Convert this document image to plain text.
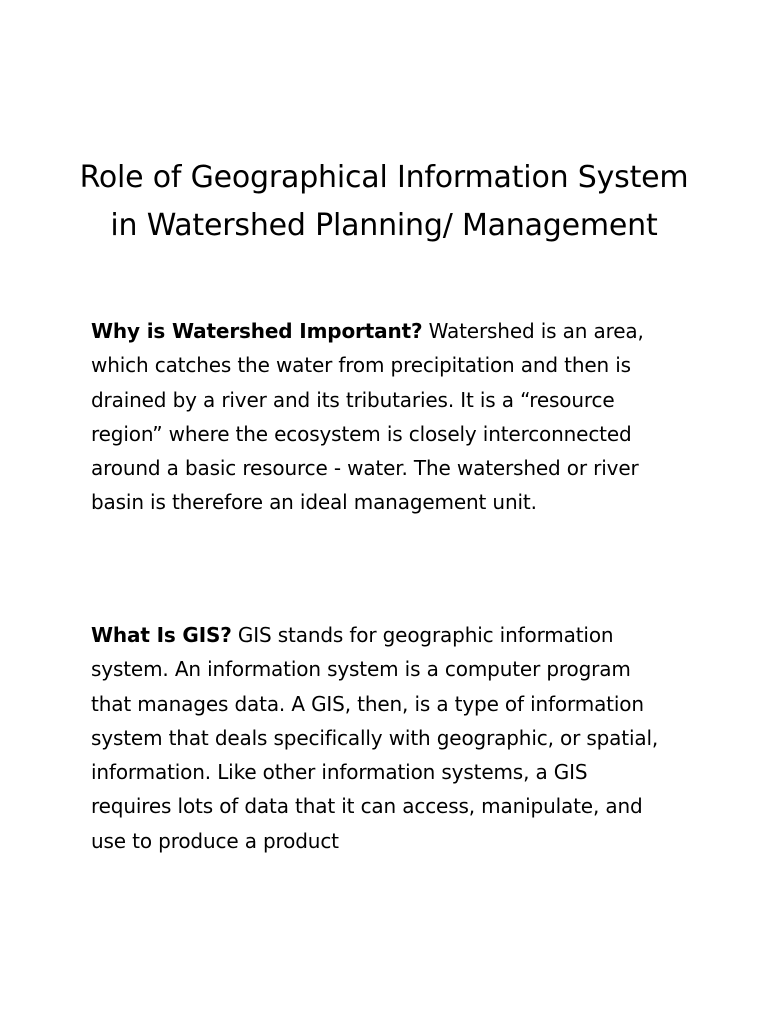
Role of Geographical Information System
in Watershed Planning/ Management

Why is Watershed Important? Watershed is an area,
which catches the water from precipitation and then is
drained by a river and its tributaries. It is a “resource
region” where the ecosystem is closely interconnected
around a basic resource - water. The watershed or river
basin is therefore an ideal management unit.

What Is GIS? GIS stands for geographic information
system. An information system is a computer program
that manages data. A GIS, then, is a type of information
system that deals specifically with geographic, or spatial,
information. Like other information systems, a GIS
requires lots of data that it can access, manipulate, and
use to produce a product
